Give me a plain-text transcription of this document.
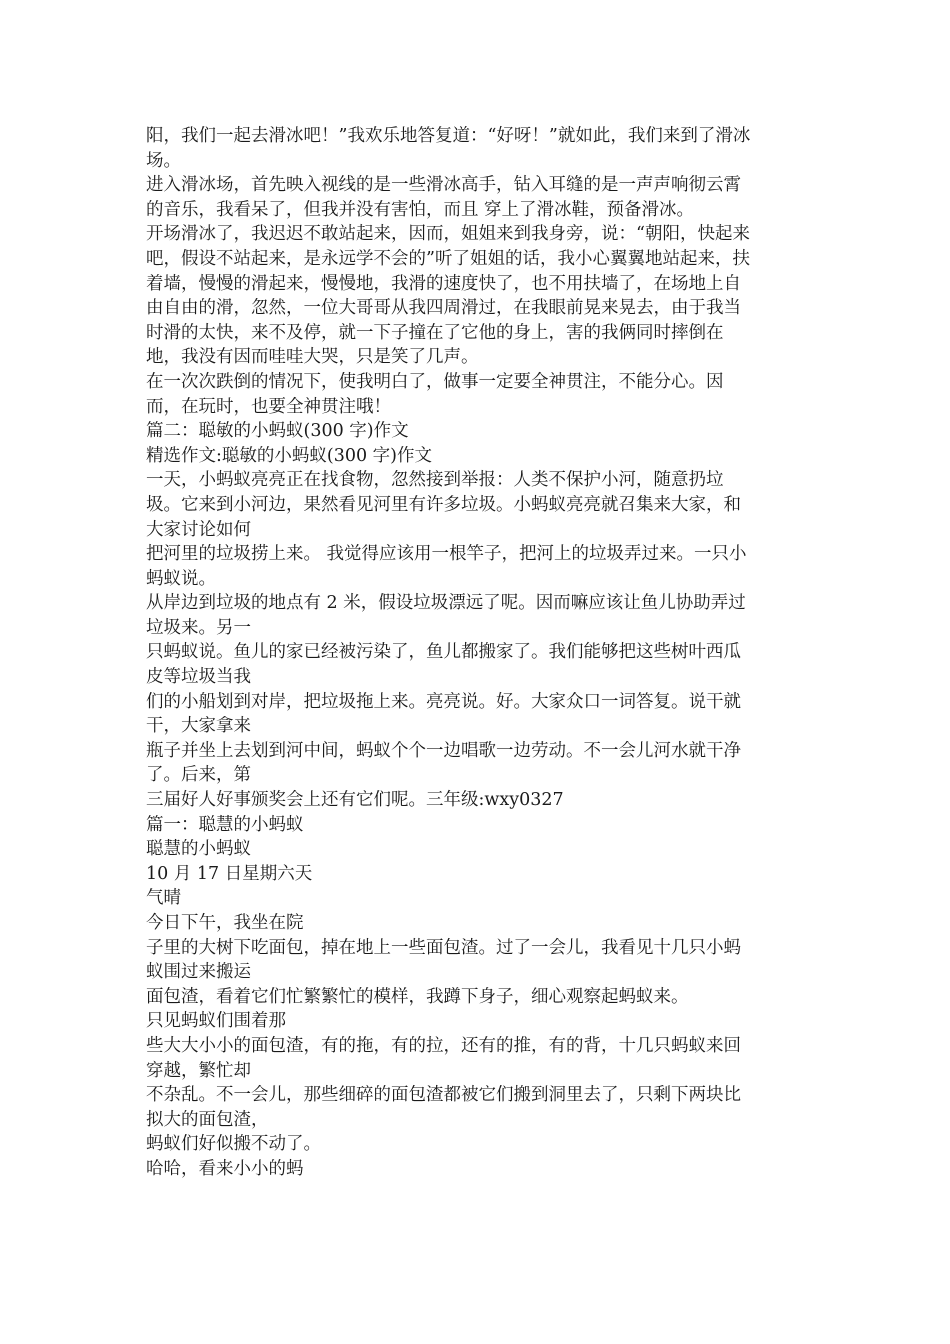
阳，我们一起去滑冰吧！”我欢乐地答复道：“好呀！”就如此，我们来到了滑冰
场。
进入滑冰场，首先映入视线的是一些滑冰高手，钻入耳缝的是一声声响彻云霄
的音乐，我看呆了，但我并没有害怕，而且 穿上了滑冰鞋，预备滑冰。
开场滑冰了，我迟迟不敢站起来，因而，姐姐来到我身旁，说：“朝阳，快起来
吧，假设不站起来，是永远学不会的”听了姐姐的话，我小心翼翼地站起来，扶
着墙，慢慢的滑起来，慢慢地，我滑的速度快了，也不用扶墙了，在场地上自
由自由的滑，忽然，一位大哥哥从我四周滑过，在我眼前晃来晃去，由于我当
时滑的太快，来不及停，就一下子撞在了它他的身上，害的我俩同时摔倒在
地，我没有因而哇哇大哭，只是笑了几声。
在一次次跌倒的情况下，使我明白了，做事一定要全神贯注，不能分心。因
而，在玩时，也要全神贯注哦！
篇二：聪敏的小蚂蚁(300 字)作文
精选作文:聪敏的小蚂蚁(300 字)作文
一天，小蚂蚁亮亮正在找食物，忽然接到举报：人类不保护小河，随意扔垃
圾。它来到小河边，果然看见河里有许多垃圾。小蚂蚁亮亮就召集来大家，和
大家讨论如何
把河里的垃圾捞上来。 我觉得应该用一根竿子，把河上的垃圾弄过来。一只小
蚂蚁说。
从岸边到垃圾的地点有 2 米，假设垃圾漂远了呢。因而嘛应该让鱼儿协助弄过
垃圾来。另一
只蚂蚁说。鱼儿的家已经被污染了，鱼儿都搬家了。我们能够把这些树叶西瓜
皮等垃圾当我
们的小船划到对岸，把垃圾拖上来。亮亮说。好。大家众口一词答复。说干就
干，大家拿来
瓶子并坐上去划到河中间，蚂蚁个个一边唱歌一边劳动。不一会儿河水就干净
了。后来，第
三届好人好事颁奖会上还有它们呢。三年级:wxy0327
篇一：聪慧的小蚂蚁
聪慧的小蚂蚁
10 月 17 日星期六天
气晴
今日下午，我坐在院
子里的大树下吃面包，掉在地上一些面包渣。过了一会儿，我看见十几只小蚂
蚁围过来搬运
面包渣，看着它们忙繁繁忙的模样，我蹲下身子，细心观察起蚂蚁来。
只见蚂蚁们围着那
些大大小小的面包渣，有的拖，有的拉，还有的推，有的背，十几只蚂蚁来回
穿越，繁忙却
不杂乱。不一会儿，那些细碎的面包渣都被它们搬到洞里去了，只剩下两块比
拟大的面包渣，
蚂蚁们好似搬不动了。
哈哈，看来小小的蚂
